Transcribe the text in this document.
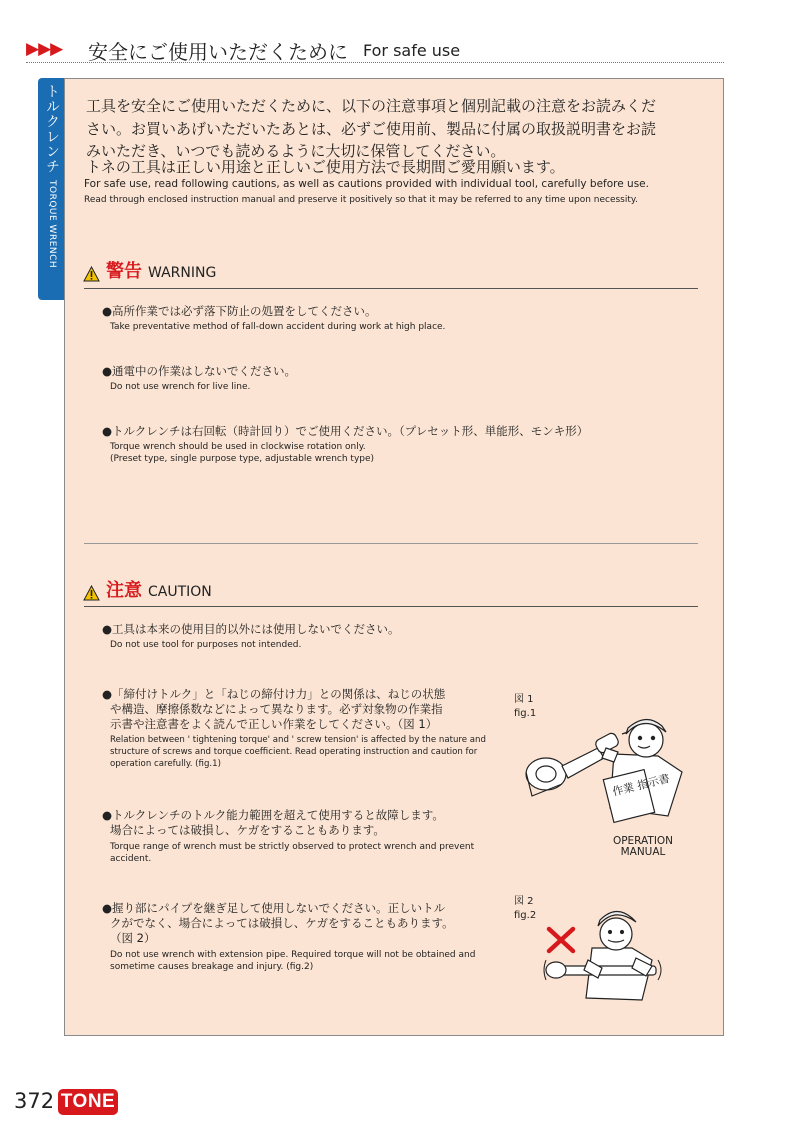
▶▶▶ 安全にご使用いただくために For safe use
トルクレンチTORQUE WRENCH
工具を安全にご使用いただくために、以下の注意事項と個別記載の注意をお読みくだ
さい。お買いあげいただいたあとは、必ずご使用前、製品に付属の取扱説明書をお読
みいただき、いつでも読めるように大切に保管してください。
トネの工具は正しい用途と正しいご使用方法で長期間ご愛用願います。
For safe use, read following cautions, as well as cautions provided with individual tool, carefully before use.
Read through enclosed instruction manual and preserve it positively so that it may be referred to any time upon necessity.
警告 WARNING
●高所作業では必ず落下防止の処置をしてください。
Take preventative method of fall-down accident during work at high place.
●通電中の作業はしないでください。
Do not use wrench for live line.
●トルクレンチは右回転（時計回り）でご使用ください。（プレセット形、単能形、モンキ形）
Torque wrench should be used in clockwise rotation only.
(Preset type, single purpose type, adjustable wrench type)
注意 CAUTION
●工具は本来の使用目的以外には使用しないでください。
Do not use tool for purposes not intended.
●「締付けトルク」と「ねじの締付け力」との関係は、ねじの状態
や構造、摩擦係数などによって異なります。必ず対象物の作業指
示書や注意書をよく読んで正しい作業をしてください。（図 1）
Relation between ' tightening torque' and ' screw tension' is affected by the nature and
structure of screws and torque coefficient. Read operating instruction and caution for
operation carefully. (fig.1)
●トルクレンチのトルク能力範囲を超えて使用すると故障します。
場合によっては破損し、ケガをすることもあります。
Torque range of wrench must be strictly observed to protect wrench and prevent
accident.
●握り部にパイプを継ぎ足して使用しないでください。正しいトル
クがでなく、場合によっては破損し、ケガをすることもあります。
（図 2）
Do not use wrench with extension pipe. Required torque will not be obtained and
sometime causes breakage and injury. (fig.2)
図 1
fig.1
作業 指示書
OPERATION
MANUAL
図 2
fig.2
372 TONE
